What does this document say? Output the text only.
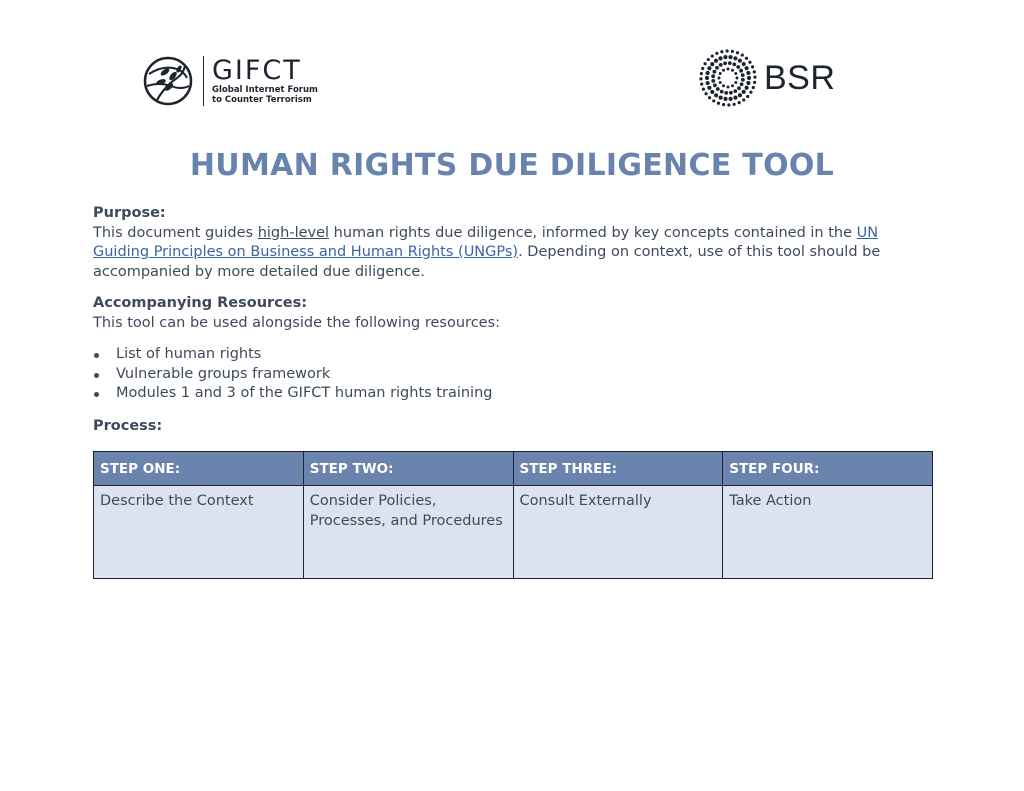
GIFCT
Global Internet Forum
to Counter Terrorism
BSR
HUMAN RIGHTS DUE DILIGENCE TOOL

Purpose:

This document guides high-level human rights due diligence, informed by key concepts contained in the UN Guiding Principles on Business and Human Rights (UNGPs). Depending on context, use of this tool should be accompanied by more detailed due diligence.

Accompanying Resources:

This tool can be used alongside the following resources:

List of human rights
Vulnerable groups framework
Modules 1 and 3 of the GIFCT human rights training

Process:

STEP ONE:	STEP TWO:	STEP THREE:	STEP FOUR:
Describe the Context	Consider Policies, Processes, and Procedures	Consult Externally	Take Action
